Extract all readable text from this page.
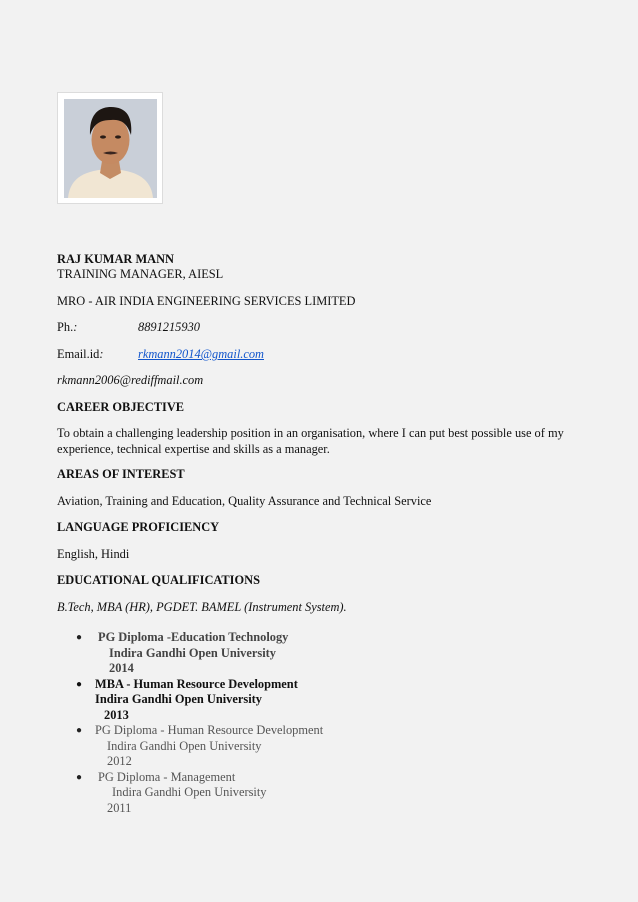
RAJ KUMAR MANN
TRAINING MANAGER, AIESL
MRO - AIR INDIA ENGINEERING SERVICES LIMITED
Ph.:	8891215930
Email.id:	rkmann2014@gmail.com
rkmann2006@rediffmail.com
CAREER OBJECTIVE
To obtain a challenging leadership position in an organisation, where I can put best possible use of my
experience, technical expertise and skills as a manager.
AREAS OF INTEREST
Aviation, Training and Education, Quality Assurance and Technical Service
LANGUAGE PROFICIENCY
English, Hindi
EDUCATIONAL QUALIFICATIONS
B.Tech, MBA (HR), PGDET. BAMEL (Instrument System).
● PG Diploma -Education Technology
Indira Gandhi Open University
2014
● MBA - Human Resource Development
Indira Gandhi Open University
2013
● PG Diploma - Human Resource Development
Indira Gandhi Open University
2012
● PG Diploma - Management
Indira Gandhi Open University
2011
